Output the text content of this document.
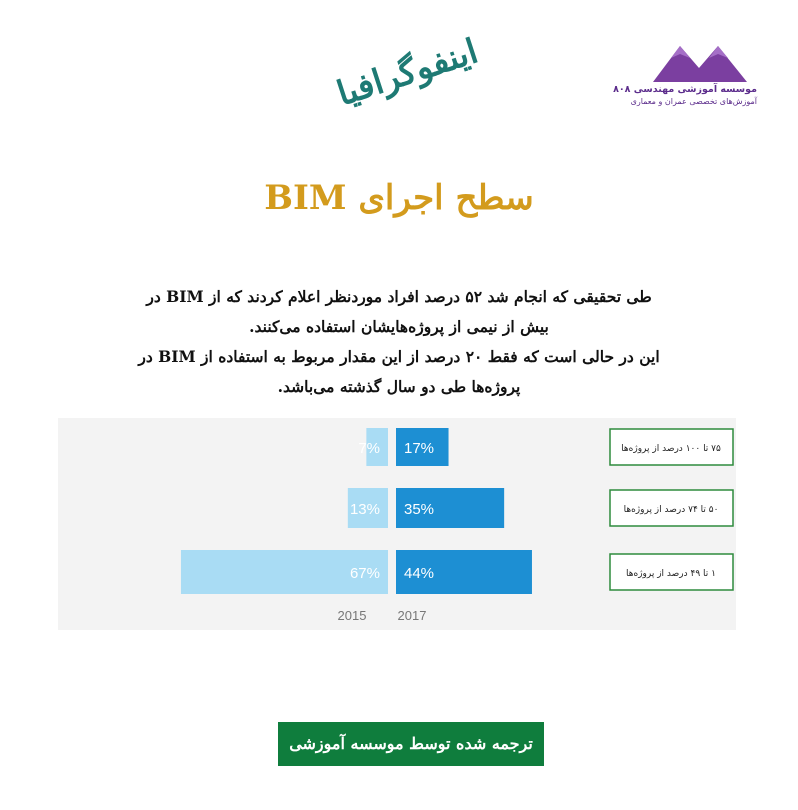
اینفوگرافیا	موسسه آموزشی مهندسی ۸۰۸
آموزش‌های تخصصی عمران و معماری
سطح اجرای BIM
طی تحقیقی که انجام شد ۵۲ درصد افراد موردنظر اعلام کردند که از BIM در
بیش از نیمی از پروژه‌هایشان استفاده می‌کنند.
این در حالی است که فقط ۲۰ درصد از این مقدار مربوط به استفاده از BIM در
پروژه‌ها طی دو سال گذشته می‌باشد.
7% 17%	۷۵ تا ۱۰۰ درصد از پروژه‌ها
13% 35%	۵۰ تا ۷۴ درصد از پروژه‌ها
67% 44%	۱ تا ۴۹ درصد از پروژه‌ها
2015 2017
ترجمه شده توسط موسسه آموزشی ۸۰۸
